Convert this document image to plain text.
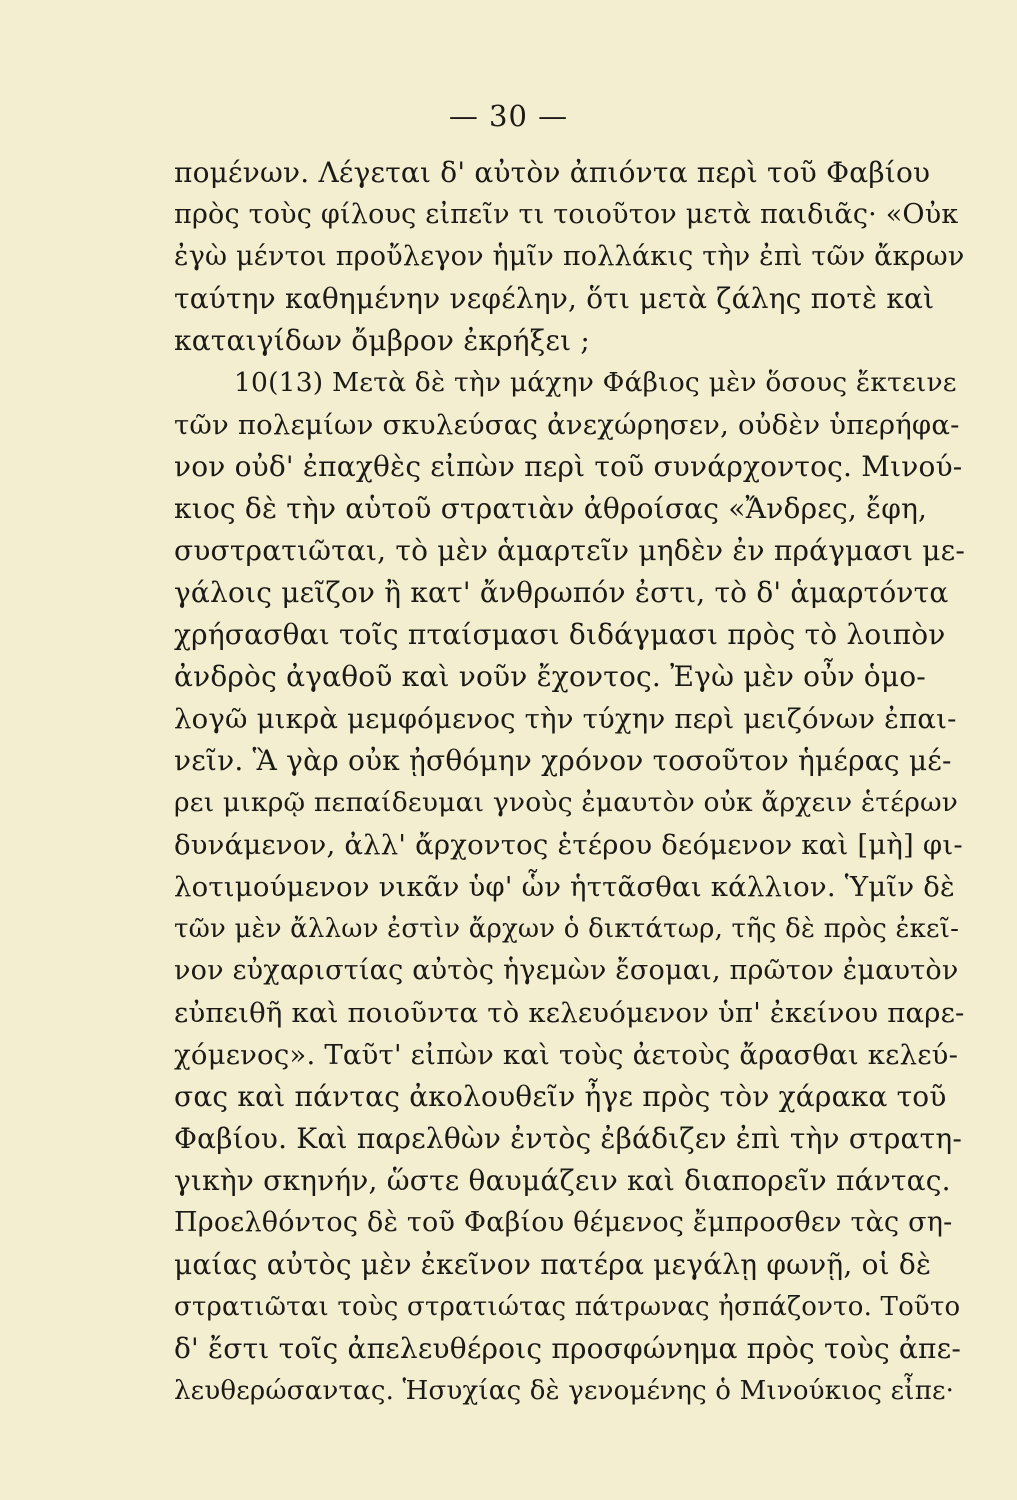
— 30 —
πομένων. Λέγεται δ' αὐτὸν ἀπιόντα περὶ τοῦ Φαβίου
πρὸς τοὺς φίλους εἰπεῖν τι τοιοῦτον μετὰ παιδιᾶς· «Οὐκ
ἐγὼ μέντοι προὔλεγον ἡμῖν πολλάκις τὴν ἐπὶ τῶν ἄκρων
ταύτην καθημένην νεφέλην, ὅτι μετὰ ζάλης ποτὲ καὶ
καταιγίδων ὄμβρον ἐκρήξει ;
10(13) Μετὰ δὲ τὴν μάχην Φάβιος μὲν ὅσους ἔκτεινε
τῶν πολεμίων σκυλεύσας ἀνεχώρησεν, οὐδὲν ὑπερήφα-
νον οὐδ' ἐπαχθὲς εἰπὼν περὶ τοῦ συνάρχοντος. Μινού-
κιος δὲ τὴν αὑτοῦ στρατιὰν ἀθροίσας «Ἄνδρες, ἔφη,
συστρατιῶται, τὸ μὲν ἁμαρτεῖν μηδὲν ἐν πράγμασι με-
γάλοις μεῖζον ἢ κατ' ἄνθρωπόν ἐστι, τὸ δ' ἁμαρτόντα
χρήσασθαι τοῖς πταίσμασι διδάγμασι πρὸς τὸ λοιπὸν
ἀνδρὸς ἀγαθοῦ καὶ νοῦν ἔχοντος. Ἐγὼ μὲν οὖν ὁμο-
λογῶ μικρὰ μεμφόμενος τὴν τύχην περὶ μειζόνων ἐπαι-
νεῖν. Ἃ γὰρ οὐκ ᾐσθόμην χρόνον τοσοῦτον ἡμέρας μέ-
ρει μικρῷ πεπαίδευμαι γνοὺς ἐμαυτὸν οὐκ ἄρχειν ἑτέρων
δυνάμενον, ἀλλ' ἄρχοντος ἑτέρου δεόμενον καὶ [μὴ] φι-
λοτιμούμενον νικᾶν ὑφ' ὧν ἡττᾶσθαι κάλλιον. Ὑμῖν δὲ
τῶν μὲν ἄλλων ἐστὶν ἄρχων ὁ δικτάτωρ, τῆς δὲ πρὸς ἐκεῖ-
νον εὐχαριστίας αὐτὸς ἡγεμὼν ἔσομαι, πρῶτον ἐμαυτὸν
εὐπειθῆ καὶ ποιοῦντα τὸ κελευόμενον ὑπ' ἐκείνου παρε-
χόμενος». Ταῦτ' εἰπὼν καὶ τοὺς ἀετοὺς ἄρασθαι κελεύ-
σας καὶ πάντας ἀκολουθεῖν ἦγε πρὸς τὸν χάρακα τοῦ
Φαβίου. Καὶ παρελθὼν ἐντὸς ἐβάδιζεν ἐπὶ τὴν στρατη-
γικὴν σκηνήν, ὥστε θαυμάζειν καὶ διαπορεῖν πάντας.
Προελθόντος δὲ τοῦ Φαβίου θέμενος ἔμπροσθεν τὰς ση-
μαίας αὐτὸς μὲν ἐκεῖνον πατέρα μεγάλῃ φωνῇ, οἱ δὲ
στρατιῶται τοὺς στρατιώτας πάτρωνας ἠσπάζοντο. Τοῦτο
δ' ἔστι τοῖς ἀπελευθέροις προσφώνημα πρὸς τοὺς ἀπε-
λευθερώσαντας. Ἡσυχίας δὲ γενομένης ὁ Μινούκιος εἶπε·
